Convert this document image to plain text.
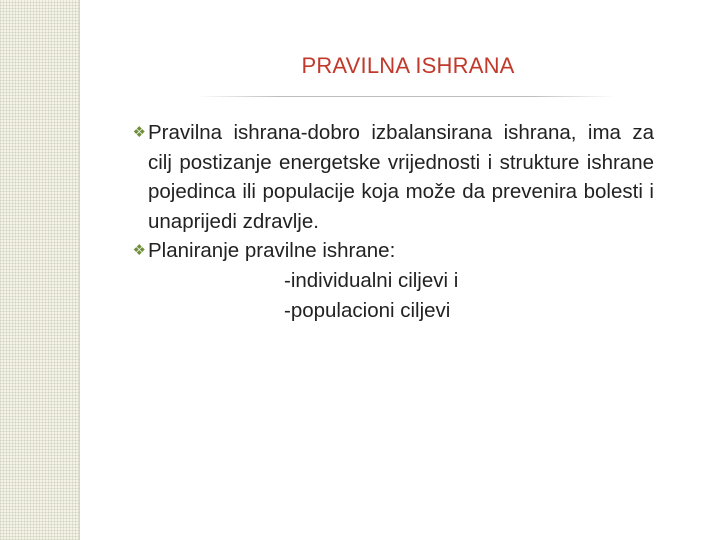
PRAVILNA ISHRANA

❖ Pravilna ishrana-dobro izbalansirana ishrana, ima za cilj postizanje energetske vrijednosti i strukture ishrane pojedinca ili populacije koja može da prevenira bolesti i unaprijedi zdravlje.

❖ Planiranje pravilne ishrane:

-individualni ciljevi i

-populacioni ciljevi
